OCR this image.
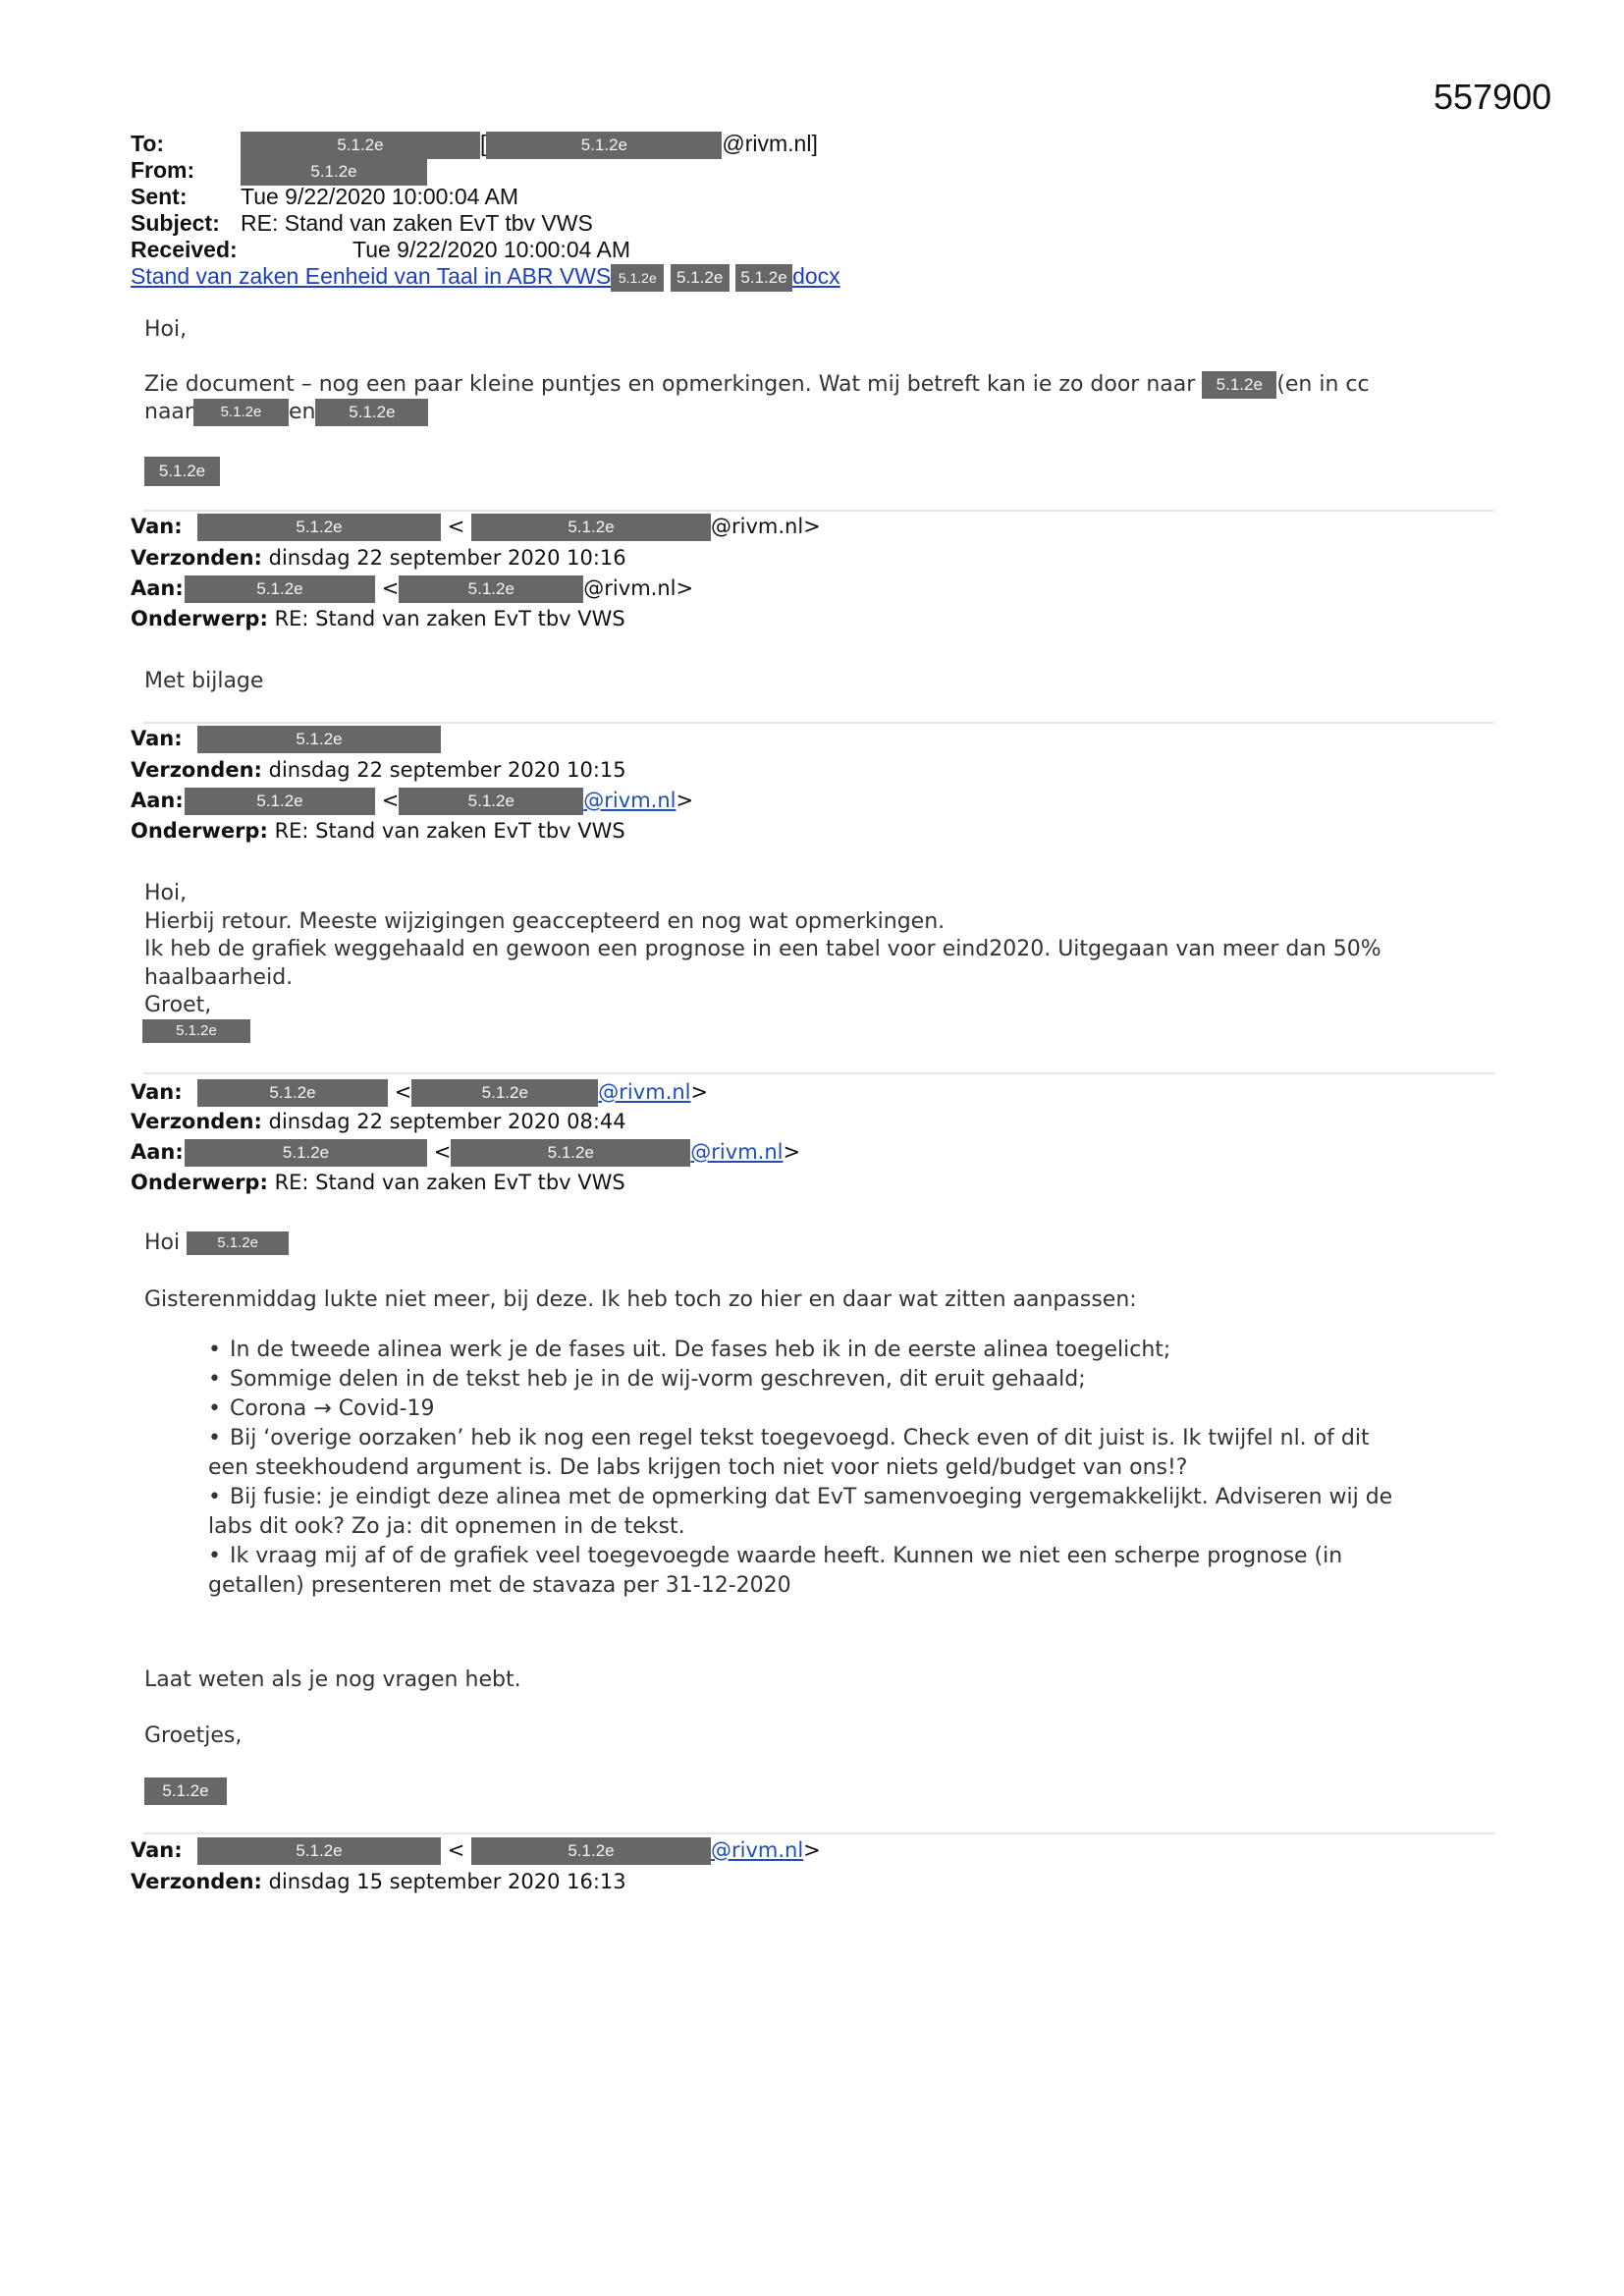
557900
To:	5.1.2e	[	5.1.2e	@rivm.nl]
From:	5.1.2e
Sent: Tue 9/22/2020 10:00:04 AM
Subject: RE: Stand van zaken EvT tbv VWS
Received:	Tue 9/22/2020 10:00:04 AM
Stand van zaken Eenheid van Taal in ABR VWS 5.1.2e 5.1.2e 5.1.2e docx
Hoi,
Zie document – nog een paar kleine puntjes en opmerkingen. Wat mij betreft kan ie zo door naar 5.1.2e (en in cc
naar 5.1.2e en 5.1.2e
5.1.2e
Van:	5.1.2e	<	5.1.2e	@rivm.nl>
Verzonden: dinsdag 22 september 2020 10:16
Aan:	5.1.2e	<	5.1.2e	@rivm.nl>
Onderwerp: RE: Stand van zaken EvT tbv VWS
Met bijlage
Van:	5.1.2e
Verzonden: dinsdag 22 september 2020 10:15
Aan:	5.1.2e	<	5.1.2e	@rivm.nl>
Onderwerp: RE: Stand van zaken EvT tbv VWS
Hoi,
Hierbij retour. Meeste wijzigingen geaccepteerd en nog wat opmerkingen.
Ik heb de grafiek weggehaald en gewoon een prognose in een tabel voor eind2020. Uitgegaan van meer dan 50%
haalbaarheid.
Groet,
5.1.2e
Van:	5.1.2e	<	5.1.2e	@rivm.nl>
Verzonden: dinsdag 22 september 2020 08:44
Aan:	5.1.2e	<	5.1.2e	@rivm.nl>
Onderwerp: RE: Stand van zaken EvT tbv VWS
Hoi	5.1.2e
Gisterenmiddag lukte niet meer, bij deze. Ik heb toch zo hier en daar wat zitten aanpassen:
• In de tweede alinea werk je de fases uit. De fases heb ik in de eerste alinea toegelicht;
• Sommige delen in de tekst heb je in de wij-vorm geschreven, dit eruit gehaald;
• Corona → Covid-19
• Bij ‘overige oorzaken’ heb ik nog een regel tekst toegevoegd. Check even of dit juist is. Ik twijfel nl. of dit
een steekhoudend argument is. De labs krijgen toch niet voor niets geld/budget van ons!?
• Bij fusie: je eindigt deze alinea met de opmerking dat EvT samenvoeging vergemakkelijkt. Adviseren wij de
labs dit ook? Zo ja: dit opnemen in de tekst.
• Ik vraag mij af of de grafiek veel toegevoegde waarde heeft. Kunnen we niet een scherpe prognose (in
getallen) presenteren met de stavaza per 31-12-2020
Laat weten als je nog vragen hebt.
Groetjes,
5.1.2e
Van:	5.1.2e	<	5.1.2e	@rivm.nl>
Verzonden: dinsdag 15 september 2020 16:13
